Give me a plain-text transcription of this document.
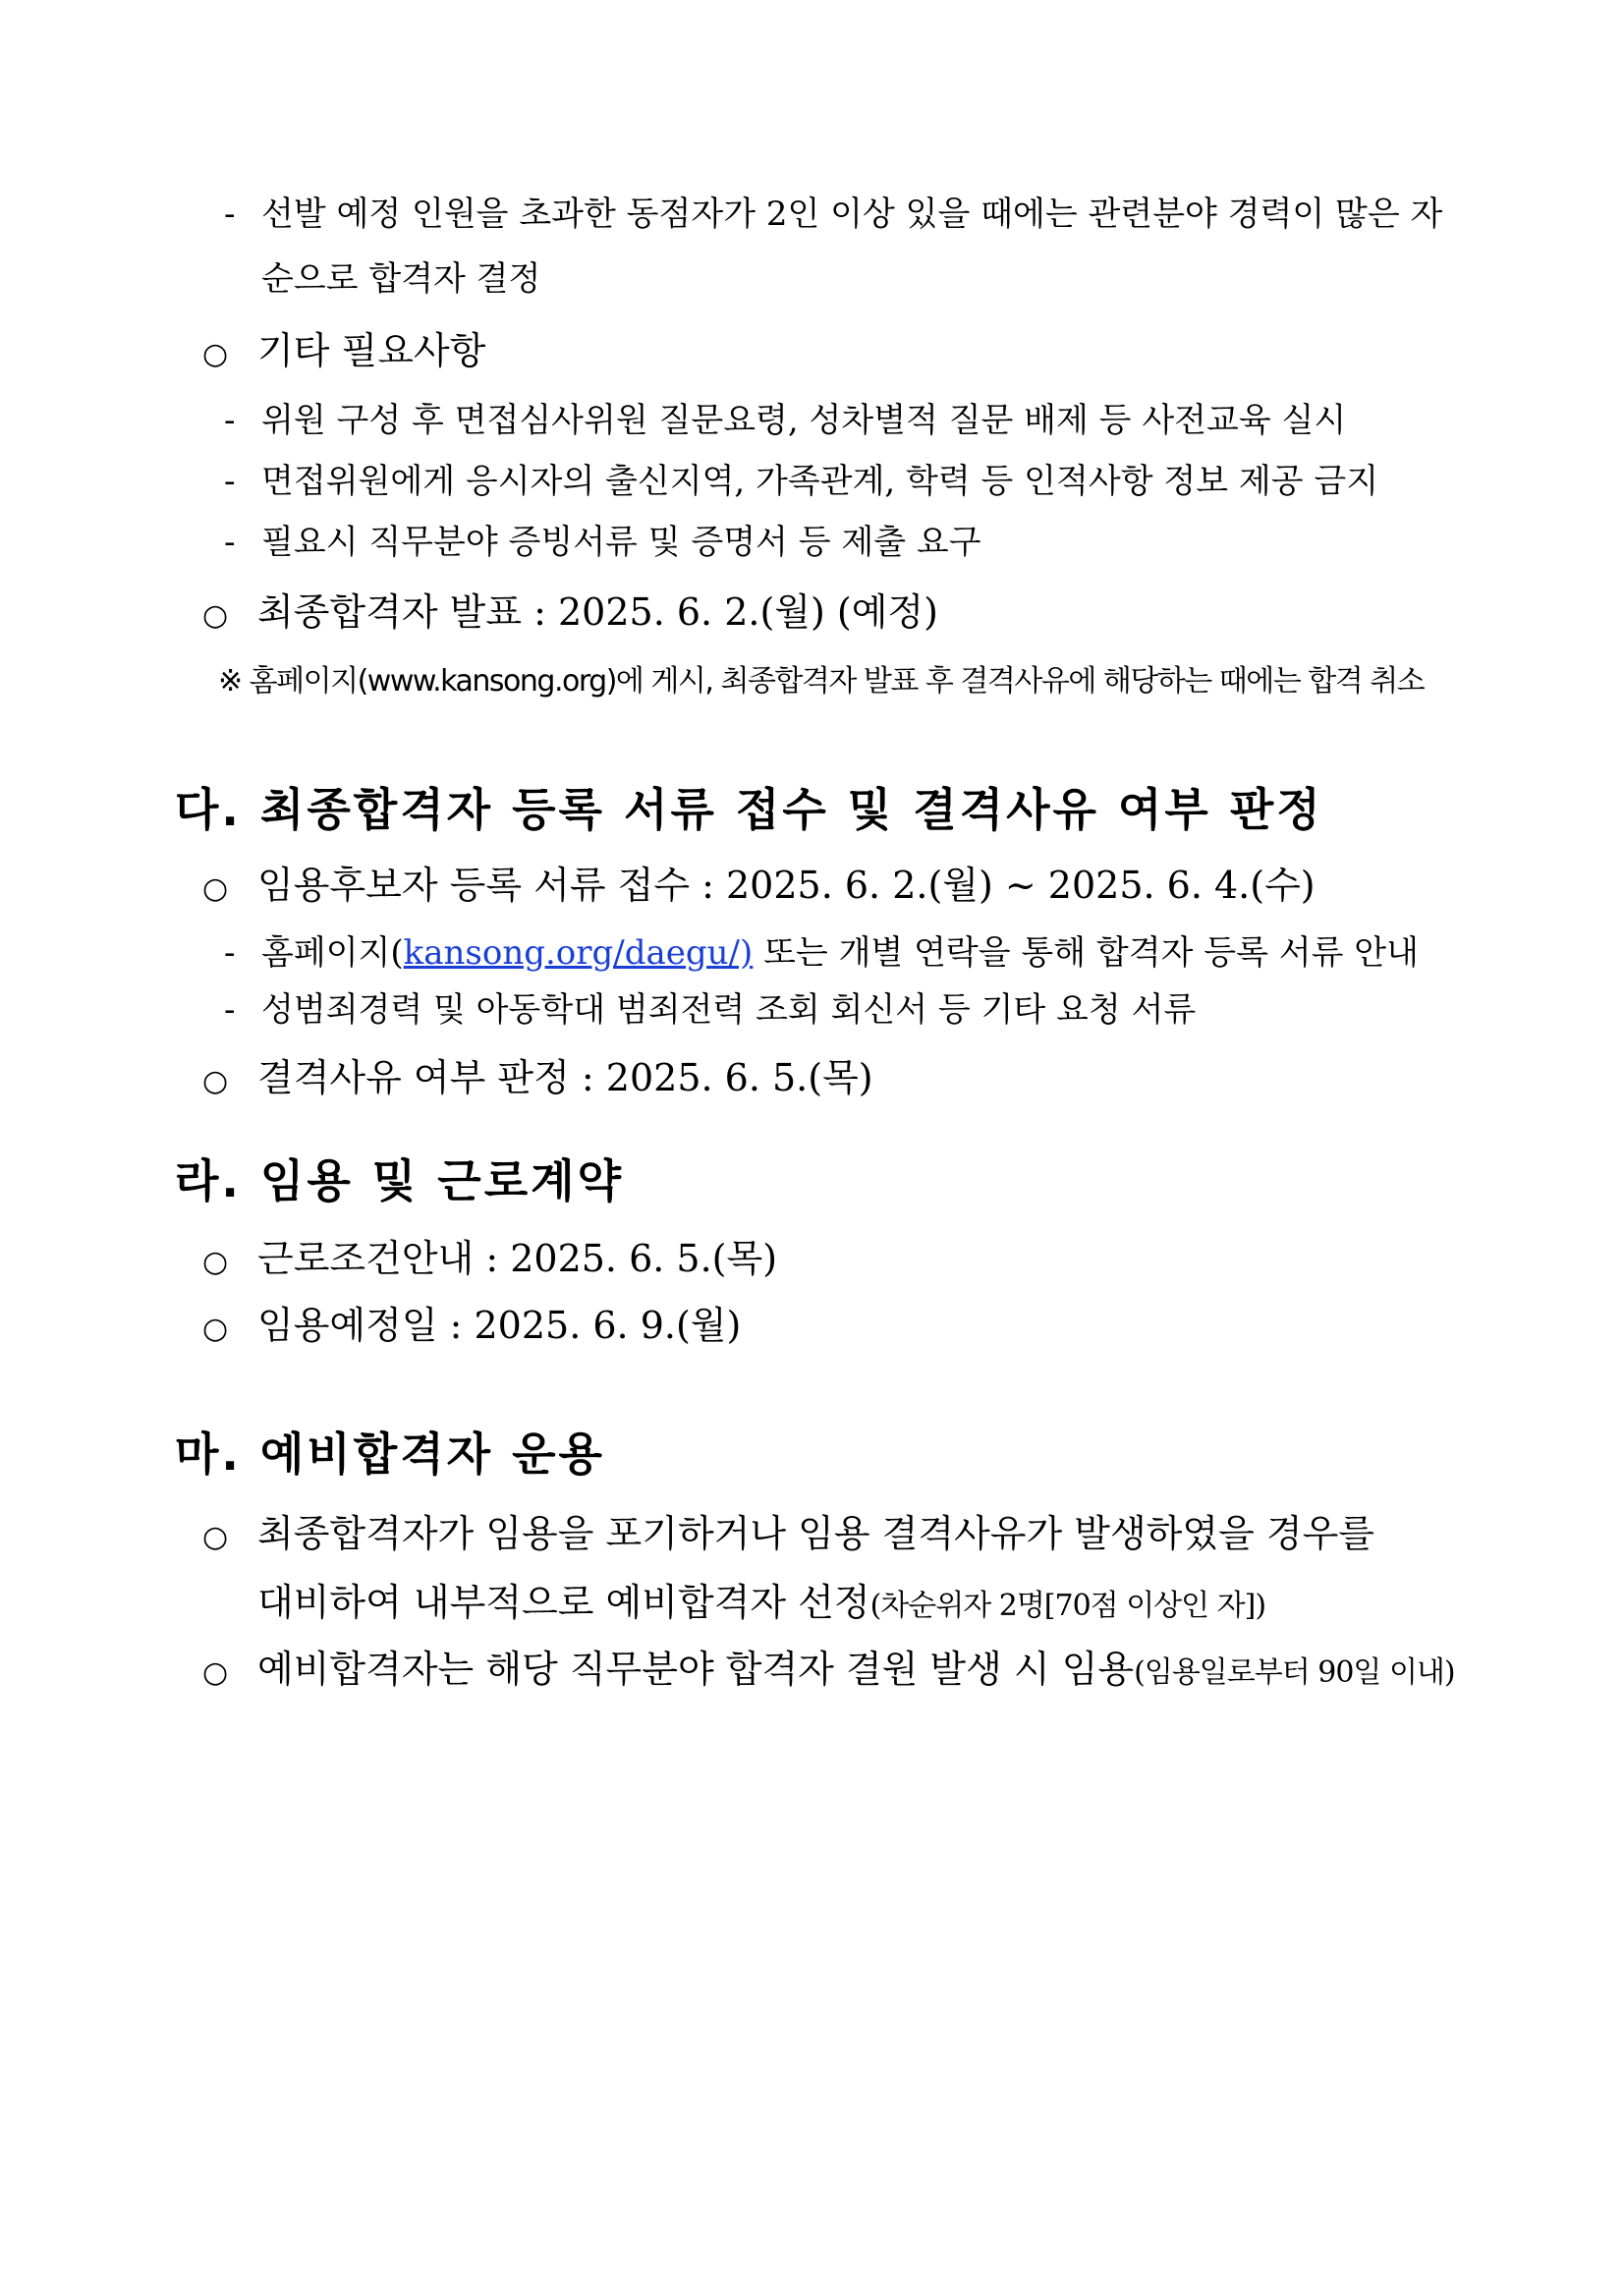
- 선발 예정 인원을 초과한 동점자가 2인 이상 있을 때에는 관련분야 경력이 많은 자
순으로 합격자 결정
○ 기타 필요사항
- 위원 구성 후 면접심사위원 질문요령, 성차별적 질문 배제 등 사전교육 실시
- 면접위원에게 응시자의 출신지역, 가족관계, 학력 등 인적사항 정보 제공 금지
- 필요시 직무분야 증빙서류 및 증명서 등 제출 요구
○ 최종합격자 발표 : 2025. 6. 2.(월) (예정)
※ 홈페이지(www.kansong.org)에 게시, 최종합격자 발표 후 결격사유에 해당하는 때에는 합격 취소
다. 최종합격자 등록 서류 접수 및 결격사유 여부 판정
○ 임용후보자 등록 서류 접수 : 2025. 6. 2.(월) ~ 2025. 6. 4.(수)
- 홈페이지(kansong.org/daegu/) 또는 개별 연락을 통해 합격자 등록 서류 안내
- 성범죄경력 및 아동학대 범죄전력 조회 회신서 등 기타 요청 서류
○ 결격사유 여부 판정 : 2025. 6. 5.(목)
라. 임용 및 근로계약
○ 근로조건안내 : 2025. 6. 5.(목)
○ 임용예정일 : 2025. 6. 9.(월)
마. 예비합격자 운용
○ 최종합격자가 임용을 포기하거나 임용 결격사유가 발생하였을 경우를
대비하여 내부적으로 예비합격자 선정(차순위자 2명[70점 이상인 자])
○ 예비합격자는 해당 직무분야 합격자 결원 발생 시 임용(임용일로부터 90일 이내)
